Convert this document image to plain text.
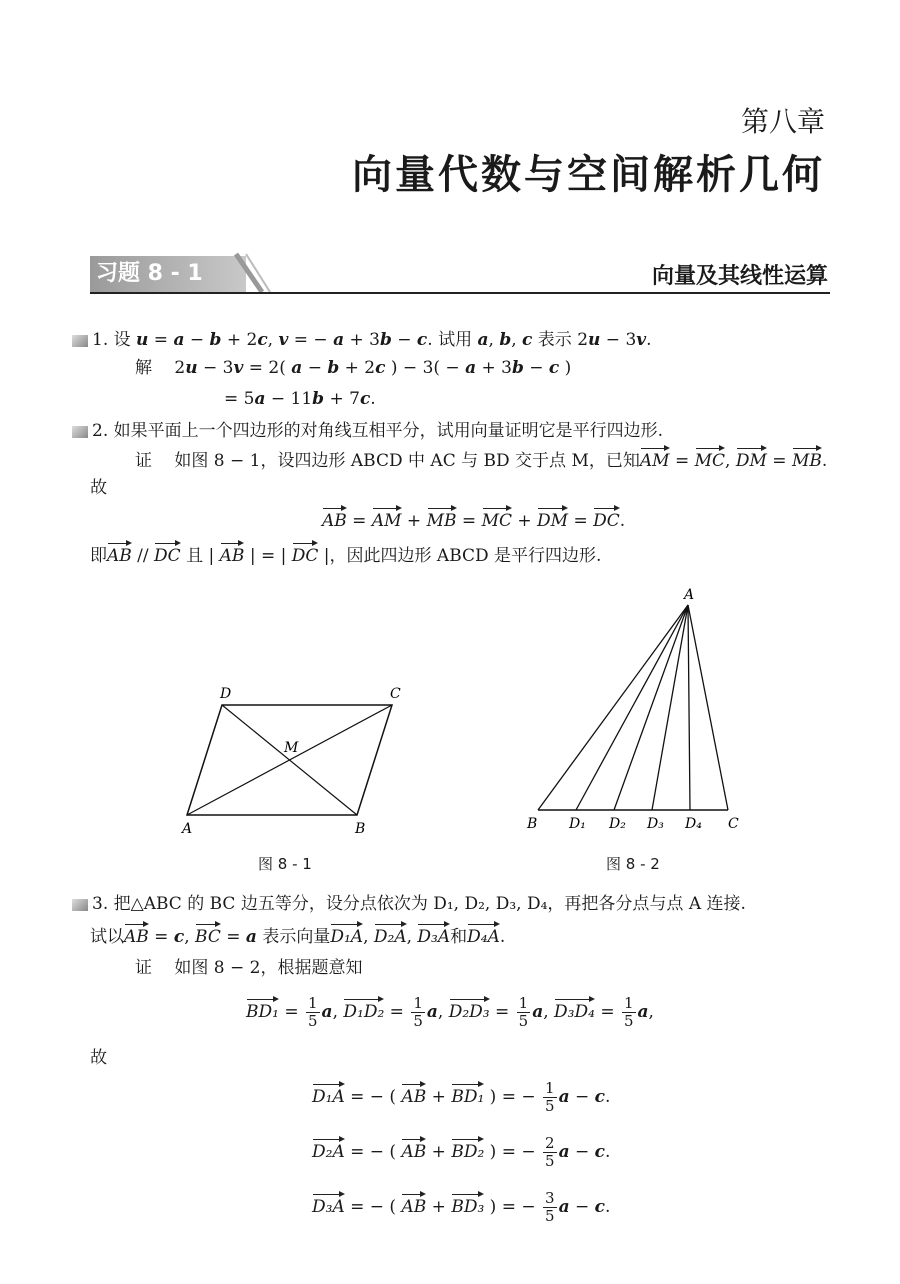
第八章
向量代数与空间解析几何
习题 8 - 1	向量及其线性运算
1. 设 u = a − b + 2c, v = − a + 3b − c. 试用 a, b, c 表示 2u − 3v.
解　 2u − 3v = 2( a − b + 2c ) − 3( − a + 3b − c )
= 5a − 11b + 7c.
2. 如果平面上一个四边形的对角线互相平分，试用向量证明它是平行四边形.
证　 如图 8 − 1，设四边形 ABCD 中 AC 与 BD 交于点 M，已知AM = MC, DM = MB.
故
AB = AM + MB = MC + DM = DC.
即AB // DC 且 | AB | = | DC |，因此四边形 ABCD 是平行四边形.
D	C
M
A	B
图 8 - 1
A
B D₁ D₂ D₃ D₄ C
图 8 - 2
3. 把△ABC 的 BC 边五等分，设分点依次为 D₁, D₂, D₃, D₄，再把各分点与点 A 连接.
试以AB = c, BC = a 表示向量D₁A, D₂A, D₃A和D₄A.
证　 如图 8 − 2，根据题意知
$BD_1 = \frac{1}{5} a$, $D_1D_2 = \frac{1}{5} a$, $D_2D_3 = \frac{1}{5} a$, $D_3D_4 = \frac{1}{5} a$,
故
D₁A = − ( AB + BD₁ ) = − $\frac{1}{5}$ a − c.
D₂A = − ( AB + BD₂ ) = − $\frac{2}{5}$ a − c.
D₃A = − ( AB + BD₃ ) = − $\frac{3}{5}$ a − c.
